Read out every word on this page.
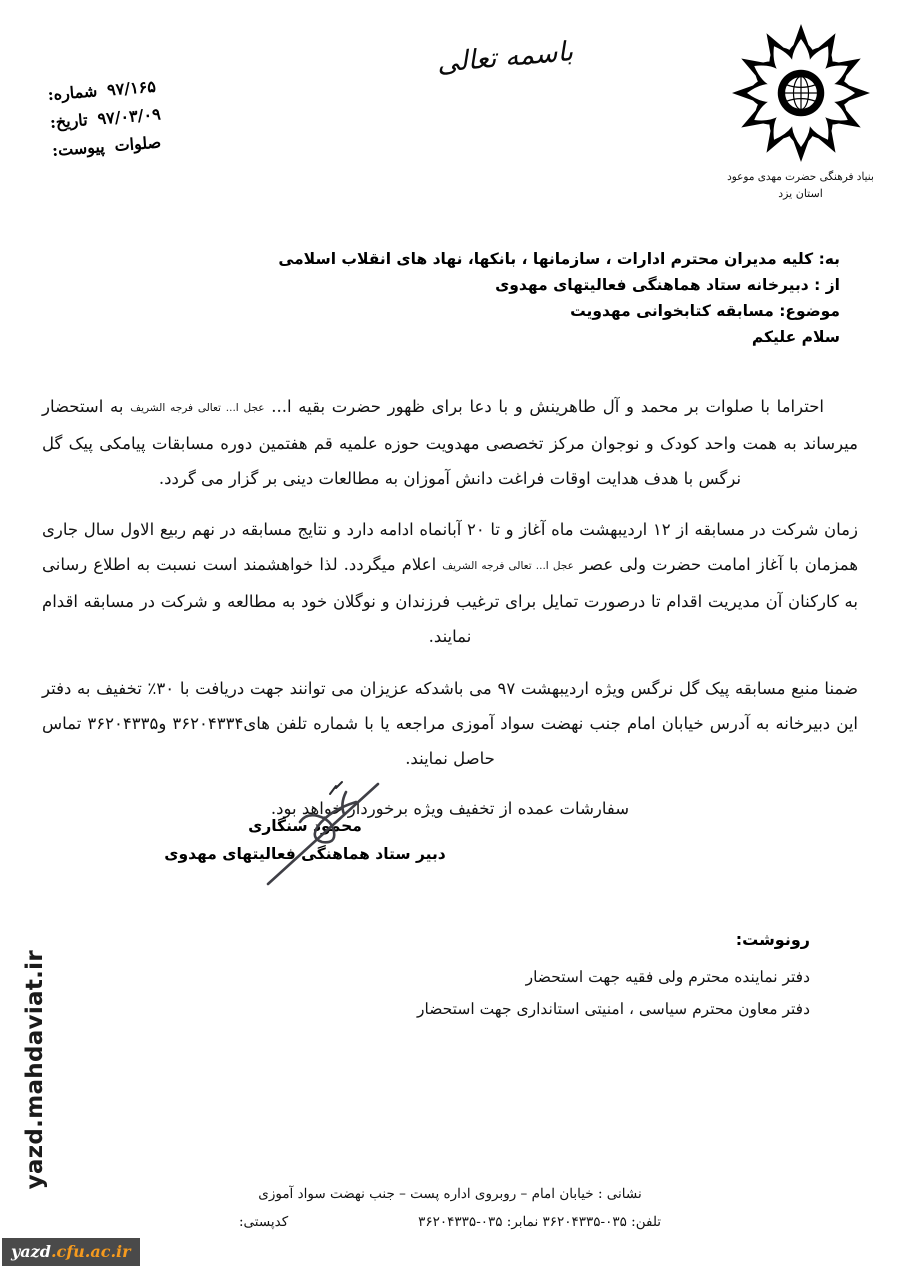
باسمه تعالی
۹۷/۱۶۵
شماره:
۹۷/۰۳/۰۹
تاریخ:
صلوات
پیوست:
بنیاد فرهنگی حضرت مهدی موعود
استان یزد
به: کلیه مدیران محترم ادارات ، سازمانها ، بانکها، نهاد های انقلاب اسلامی
از : دبیرخانه ستاد هماهنگی فعالیتهای مهدوی
موضوع: مسابقه کتابخوانی مهدویت
سلام علیکم

احتراما با صلوات بر محمد و آل طاهرینش و با دعا برای ظهور حضرت بقیه ا... عجل ا... تعالی فرجه الشریف به استحضار میرساند به همت واحد کودک و نوجوان مرکز تخصصی مهدویت حوزه علمیه قم هفتمین دوره مسابقات پیامکی پیک گل نرگس با هدف هدایت اوقات فراغت دانش آموزان به مطالعات دینی بر گزار می گردد.

زمان شرکت در مسابقه از ۱۲ اردیبهشت ماه آغاز و تا ۲۰ آبانماه ادامه دارد و نتایج مسابقه در نهم ربیع الاول سال جاری همزمان با آغاز امامت حضرت ولی عصر عجل ا... تعالی فرجه الشریف اعلام میگردد. لذا خواهشمند است نسبت به اطلاع رسانی به کارکنان آن مدیریت اقدام تا درصورت تمایل برای ترغیب فرزندان و نوگلان خود به مطالعه و شرکت در مسابقه اقدام نمایند.

ضمنا منبع مسابقه پیک گل نرگس ویژه اردیبهشت ۹۷ می باشدکه عزیزان می توانند جهت دریافت با ۳۰٪ تخفیف به دفتر این دبیرخانه به آدرس خیابان امام جنب نهضت سواد آموزی مراجعه یا با شماره تلفن های۳۶۲۰۴۳۳۴ و۳۶۲۰۴۳۳۵ تماس حاصل نمایند.

سفارشات عمده از تخفیف ویژه برخوردار خواهد بود.

محمود سنگاری
دبیر ستاد هماهنگی فعالیتهای مهدوی
رونوشت:
دفتر نماینده محترم ولی فقیه جهت استحضار
دفتر معاون محترم سیاسی ، امنیتی استانداری جهت استحضار
نشانی : خیابان امام – روبروی اداره پست – جنب نهضت سواد آموزی
تلفن: ۰۳۵-۳۶۲۰۴۳۳۵ نمابر: ۰۳۵-۳۶۲۰۴۳۳۵
کدپستی:
yazd.mahdaviat.ir
yazd.cfu.ac.ir
